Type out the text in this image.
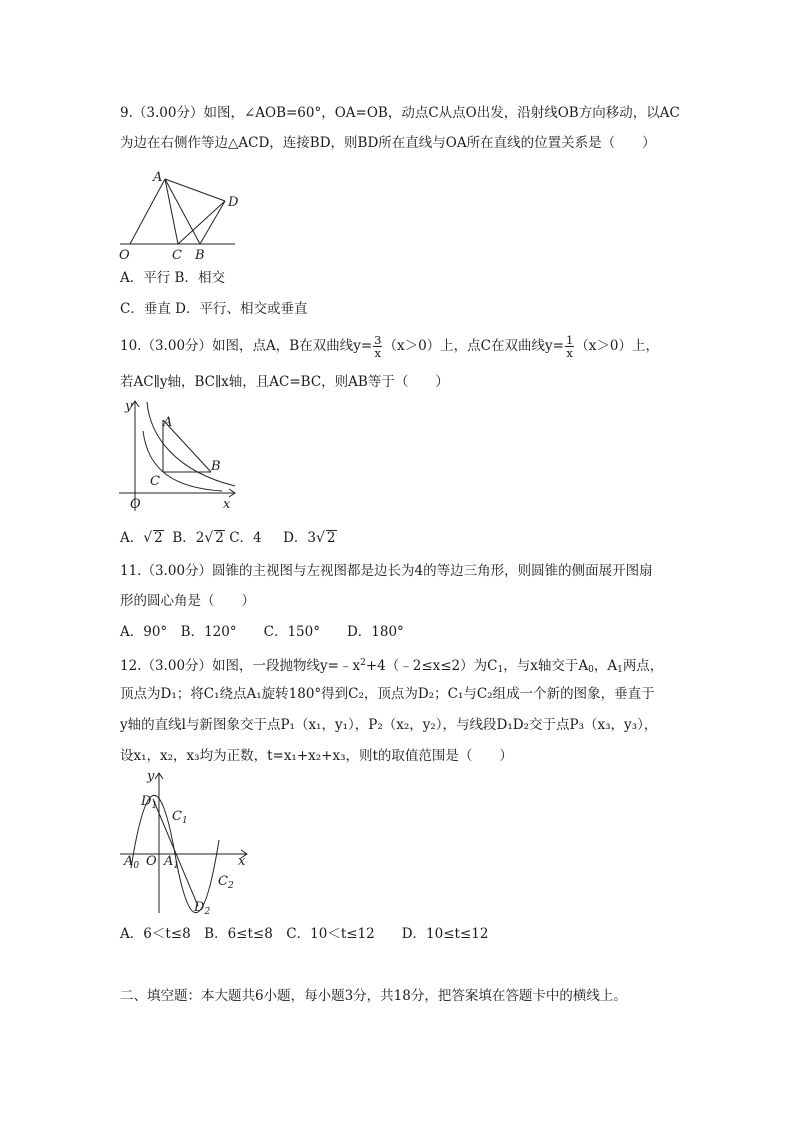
9.（3.00分）如图，∠AOB=60°，OA=OB，动点C从点O出发，沿射线OB方向移动，以AC
为边在右侧作等边△ACD，连接BD，则BD所在直线与OA所在直线的位置关系是（　　）
A
D
O	C B
A．平行 B．相交
C．垂直 D．平行、相交或垂直
10.（3.00分）如图，点A，B在双曲线$y= \frac{3}{x} (x>0)$上，点C在双曲线$y= \frac{1}{x} (x>0)$上，
若AC∥y轴，BC∥x轴，且AC=BC，则AB等于（　　）
y
A
B
C
O	x
A．√ 2 B．2√ 2 C．4 D．3√ 2
11.（3.00分）圆锥的主视图与左视图都是边长为4的等边三角形，则圆锥的侧面展开图扇
形的圆心角是（　　）
A．90°　B．120°　　C．150°　　D．180°
12.（3.00分）如图，一段抛物线$y=﹣x^2+4(﹣2\le x\le 2)$为$C_1$，与x轴交于$A_0$，$A_1$两点，
顶点为D₁；将C₁绕点A₁旋转180°得到C₂，顶点为D₂；C₁与C₂组成一个新的图象，垂直于
y轴的直线l与新图象交于点P₁（x₁，y₁），P₂（x₂，y₂），与线段D₁D₂交于点P₃（x₃，y₃），
设x₁，x₂，x₃均为正数，t=x₁+x₂+x₃，则t的取值范围是（　　）
y
$D_1$
$C_1$
$A_0$ O $A_1$	x
$C_2$
$D_2$
A．6＜t≤8　B．6≤t≤8　C．10＜t≤12　　D．10≤t≤12
二、填空题：本大题共6小题，每小题3分，共18分，把答案填在答题卡中的横线上。
